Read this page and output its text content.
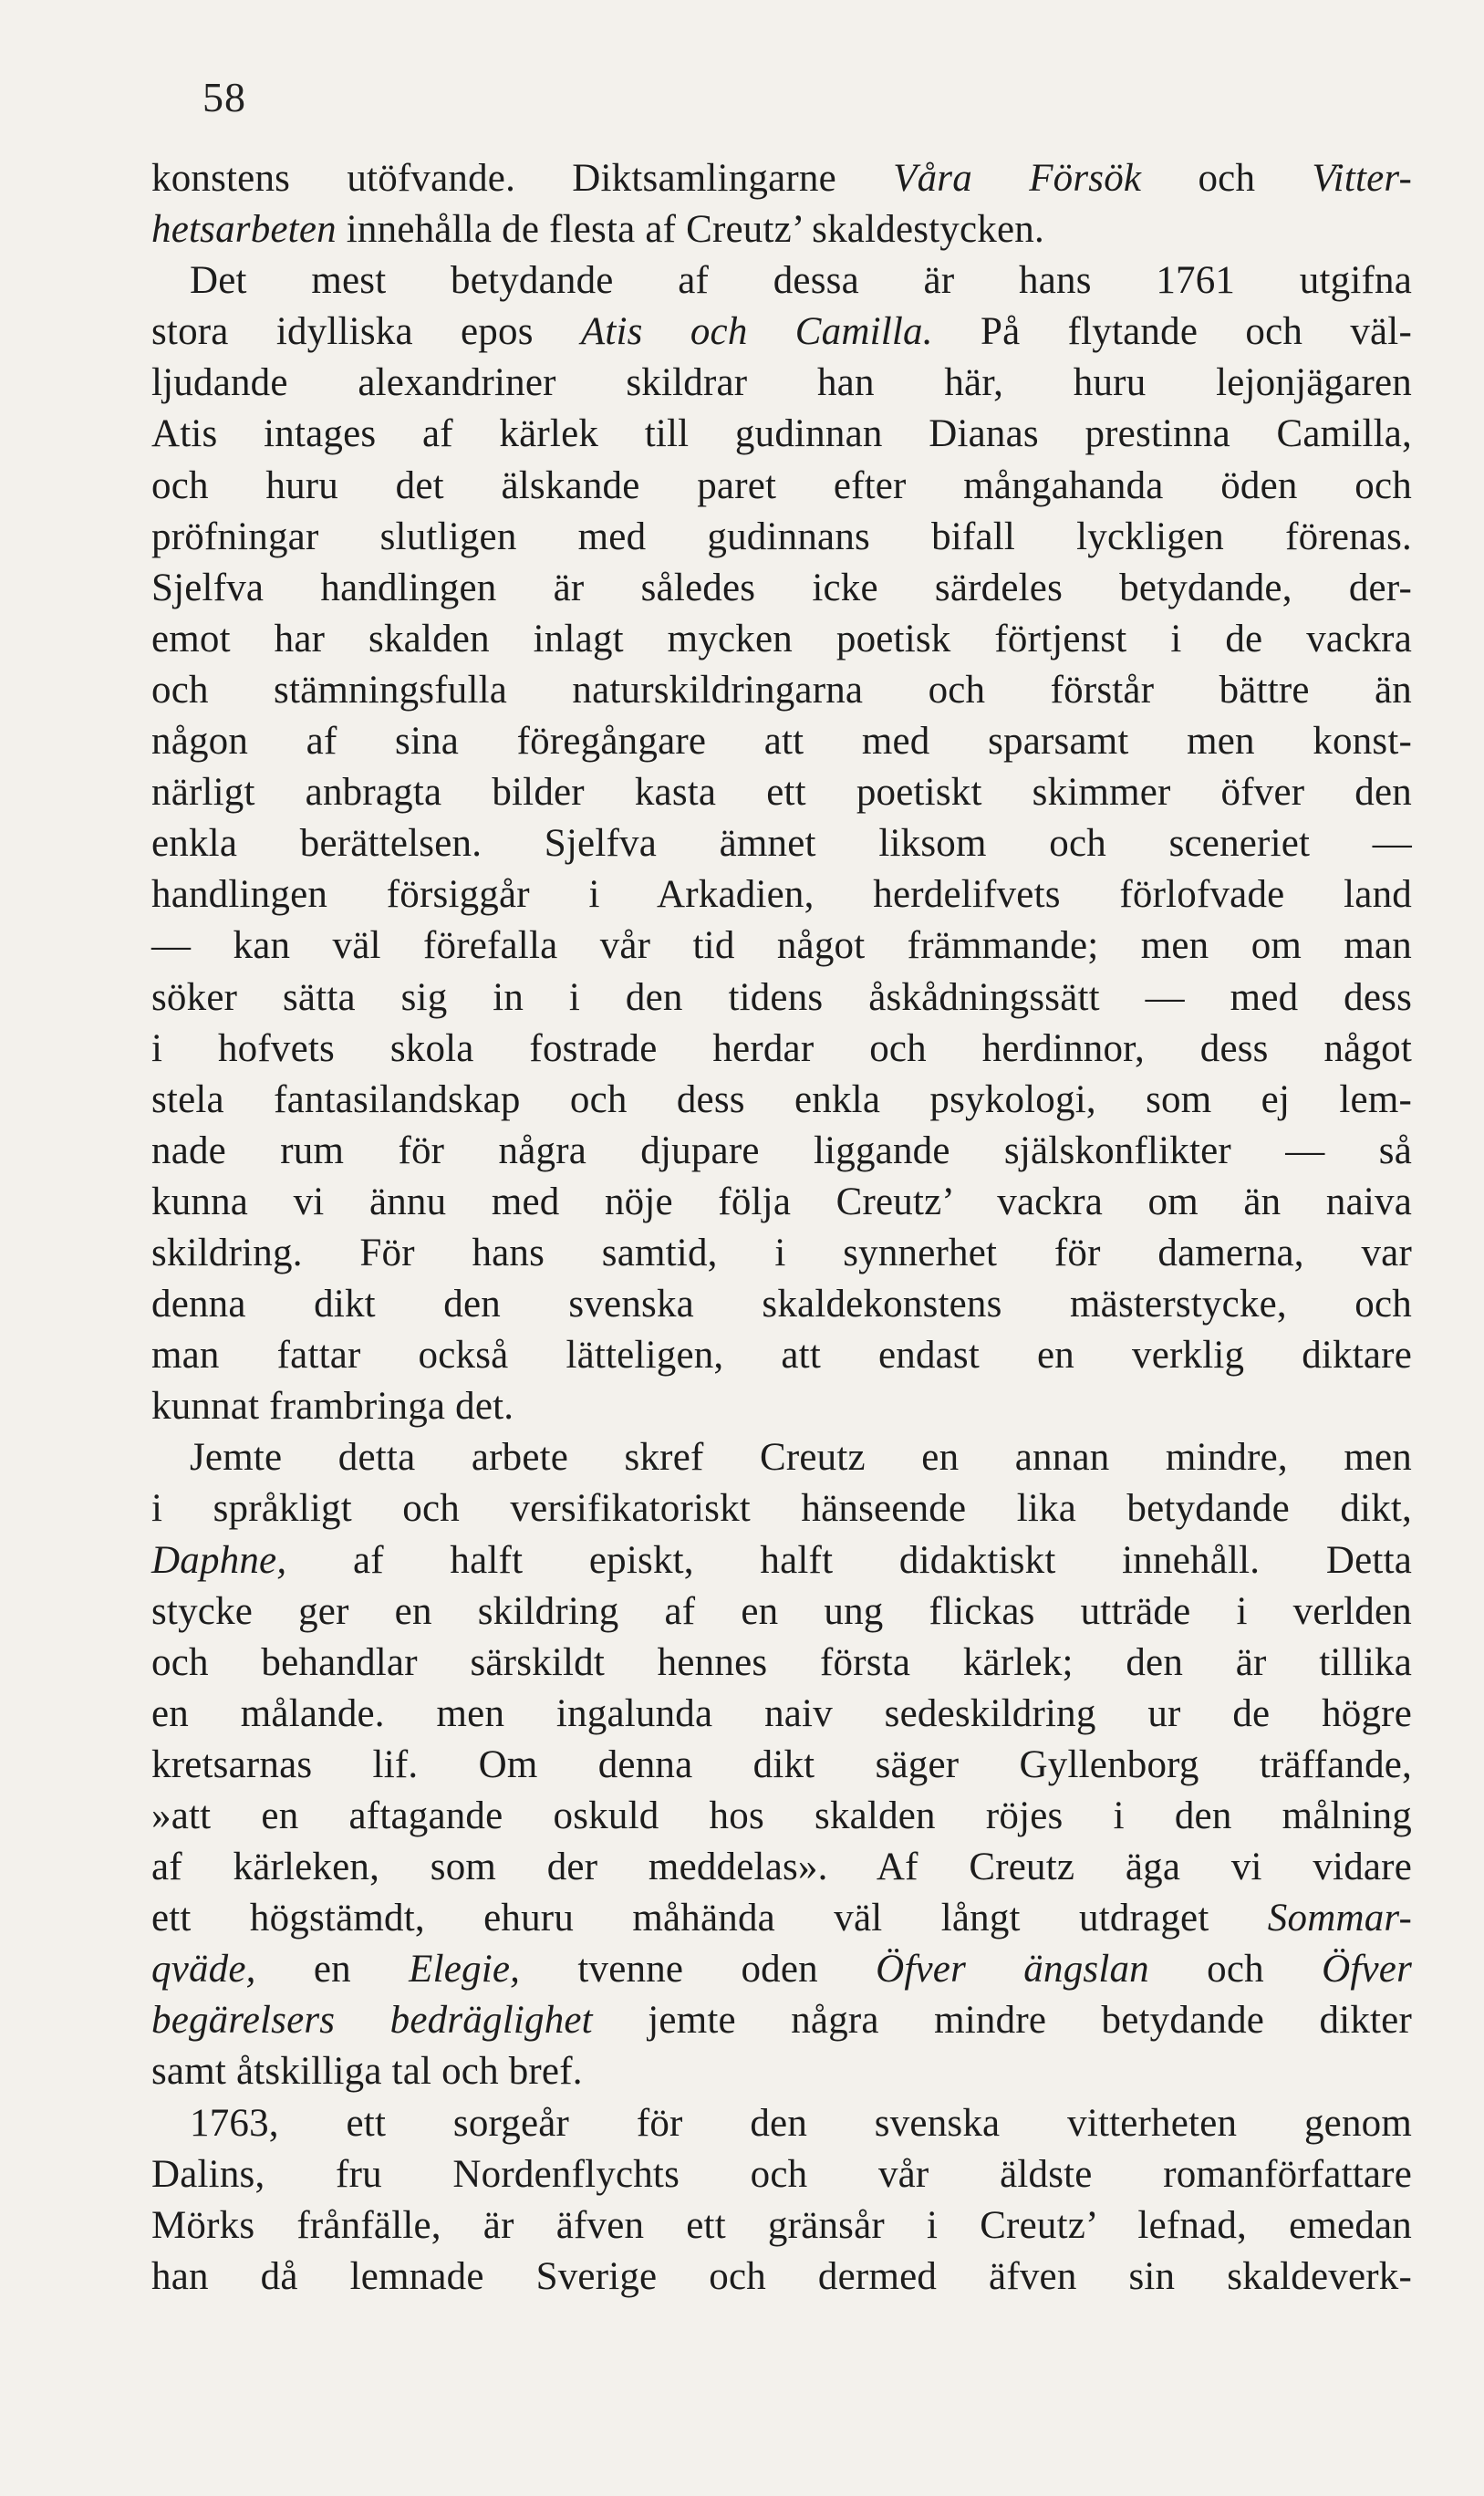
58
konstens utöfvande. Diktsamlingarne Våra Försök och Vitter-
hetsarbeten innehålla de flesta af Creutz’ skaldestycken.
Det mest betydande af dessa är hans 1761 utgifna
stora idylliska epos Atis och Camilla. På flytande och väl-
ljudande alexandriner skildrar han här, huru lejonjägaren
Atis intages af kärlek till gudinnan Dianas prestinna Camilla,
och huru det älskande paret efter mångahanda öden och
pröfningar slutligen med gudinnans bifall lyckligen förenas.
Sjelfva handlingen är således icke särdeles betydande, der-
emot har skalden inlagt mycken poetisk förtjenst i de vackra
och stämningsfulla naturskildringarna och förstår bättre än
någon af sina föregångare att med sparsamt men konst-
närligt anbragta bilder kasta ett poetiskt skimmer öfver den
enkla berättelsen. Sjelfva ämnet liksom och sceneriet —
handlingen försiggår i Arkadien, herdelifvets förlofvade land
— kan väl förefalla vår tid något främmande; men om man
söker sätta sig in i den tidens åskådningssätt — med dess
i hofvets skola fostrade herdar och herdinnor, dess något
stela fantasilandskap och dess enkla psykologi, som ej lem-
nade rum för några djupare liggande själskonflikter — så
kunna vi ännu med nöje följa Creutz’ vackra om än naiva
skildring. För hans samtid, i synnerhet för damerna, var
denna dikt den svenska skaldekonstens mästerstycke, och
man fattar också lätteligen, att endast en verklig diktare
kunnat frambringa det.
Jemte detta arbete skref Creutz en annan mindre, men
i språkligt och versifikatoriskt hänseende lika betydande dikt,
Daphne, af halft episkt, halft didaktiskt innehåll. Detta
stycke ger en skildring af en ung flickas utträde i verlden
och behandlar särskildt hennes första kärlek; den är tillika
en målande. men ingalunda naiv sedeskildring ur de högre
kretsarnas lif. Om denna dikt säger Gyllenborg träffande,
»att en aftagande oskuld hos skalden röjes i den målning
af kärleken, som der meddelas». Af Creutz äga vi vidare
ett högstämdt, ehuru måhända väl långt utdraget Sommar-
qväde, en Elegie, tvenne oden Öfver ängslan och Öfver
begärelsers bedräglighet jemte några mindre betydande dikter
samt åtskilliga tal och bref.
1763, ett sorgeår för den svenska vitterheten genom
Dalins, fru Nordenflychts och vår äldste romanförfattare
Mörks frånfälle, är äfven ett gränsår i Creutz’ lefnad, emedan
han då lemnade Sverige och dermed äfven sin skaldeverk-
